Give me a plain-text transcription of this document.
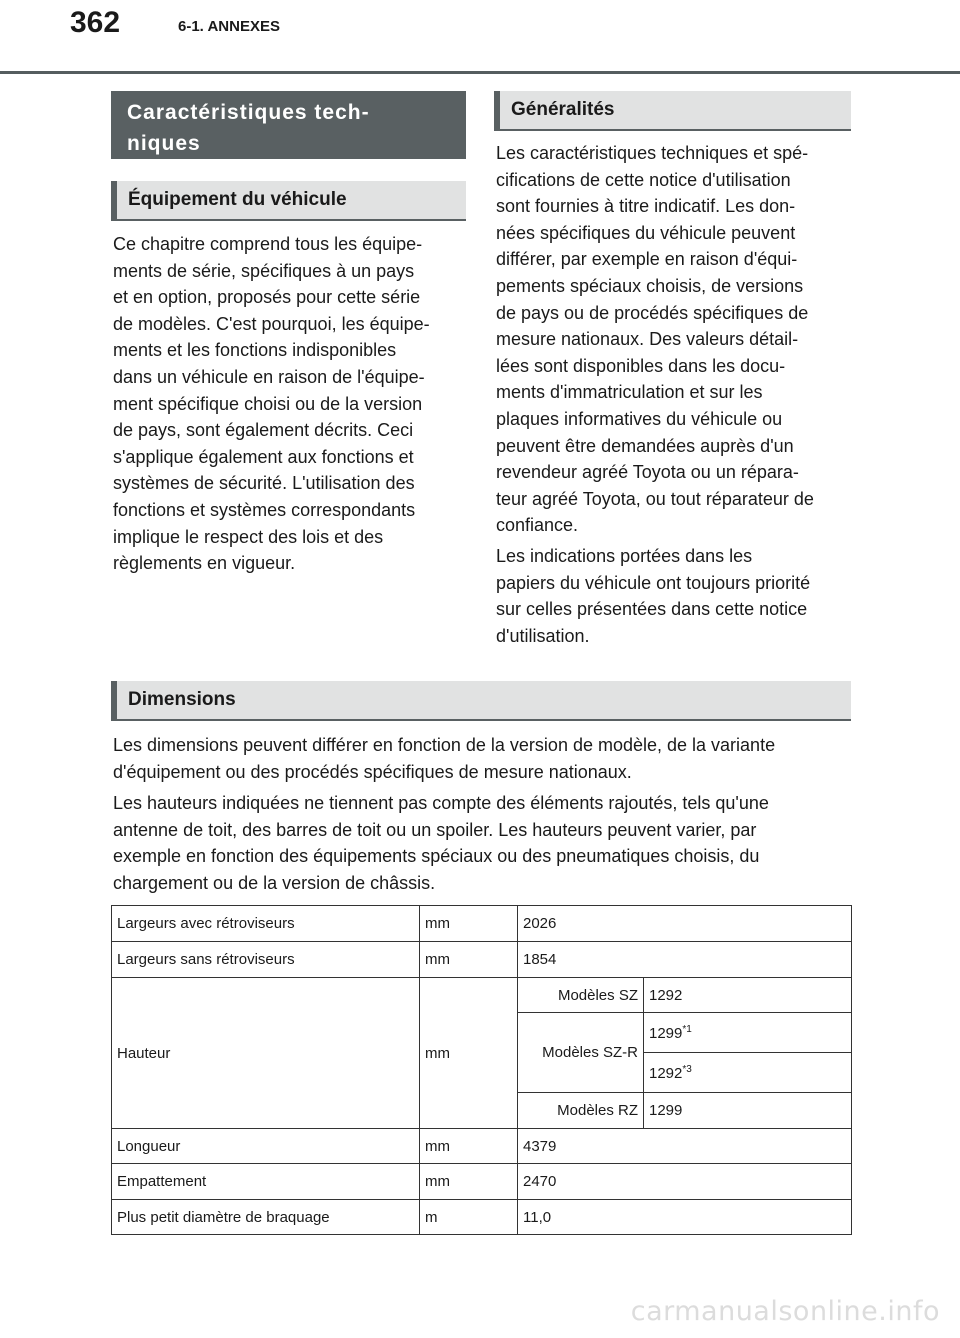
362	6-1. ANNEXES
Caractéristiques tech-
niques
Équipement du véhicule
Ce chapitre comprend tous les équipe-
ments de série, spécifiques à un pays
et en option, proposés pour cette série
de modèles. C'est pourquoi, les équipe-
ments et les fonctions indisponibles
dans un véhicule en raison de l'équipe-
ment spécifique choisi ou de la version
de pays, sont également décrits. Ceci
s'applique également aux fonctions et
systèmes de sécurité. L'utilisation des
fonctions et systèmes correspondants
implique le respect des lois et des
règlements en vigueur.
Généralités
Les caractéristiques techniques et spé-
cifications de cette notice d'utilisation
sont fournies à titre indicatif. Les don-
nées spécifiques du véhicule peuvent
différer, par exemple en raison d'équi-
pements spéciaux choisis, de versions
de pays ou de procédés spécifiques de
mesure nationaux. Des valeurs détail-
lées sont disponibles dans les docu-
ments d'immatriculation et sur les
plaques informatives du véhicule ou
peuvent être demandées auprès d'un
revendeur agréé Toyota ou un répara-
teur agréé Toyota, ou tout réparateur de
confiance.
Les indications portées dans les
papiers du véhicule ont toujours priorité
sur celles présentées dans cette notice
d'utilisation.
Dimensions
Les dimensions peuvent différer en fonction de la version de modèle, de la variante
d'équipement ou des procédés spécifiques de mesure nationaux.
Les hauteurs indiquées ne tiennent pas compte des éléments rajoutés, tels qu'une
antenne de toit, des barres de toit ou un spoiler. Les hauteurs peuvent varier, par
exemple en fonction des équipements spéciaux ou des pneumatiques choisis, du
chargement ou de la version de châssis.
Largeurs avec rétroviseurs	mm	2026	
Largeurs sans rétroviseurs	mm	1854	
Hauteur	mm	Modèles SZ	1292
		Modèles SZ-R	1299$^{*1}$
			1292$^{*3}$
		Modèles RZ	1299
Longueur	mm	4379	
Empattement	mm	2470	
Plus petit diamètre de braquage	m	11,0	
carmanualsonline.info
